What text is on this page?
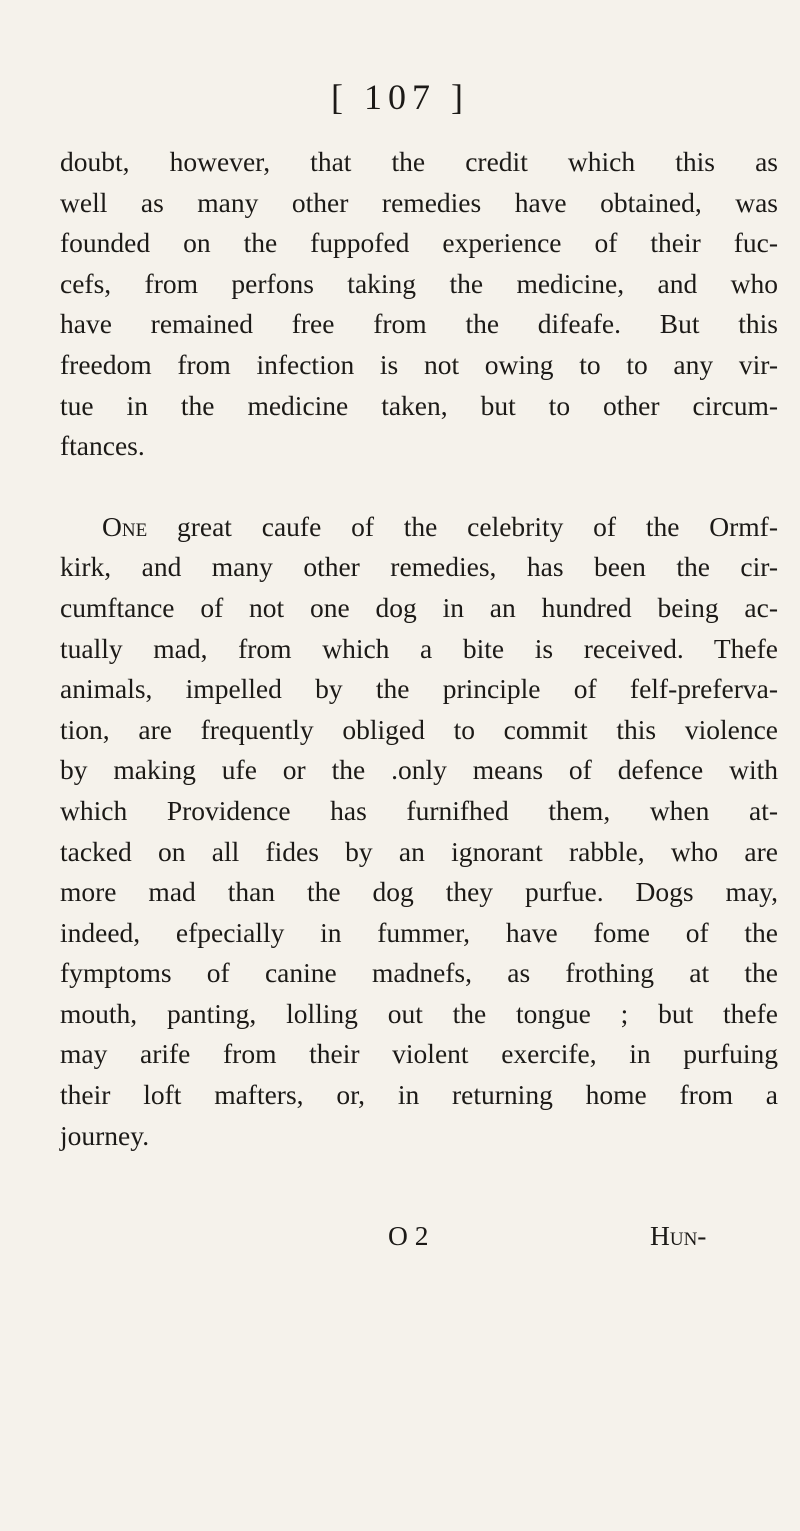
[ 107 ]

doubt, however, that the credit which this as
well as many other remedies have obtained, was
founded on the fuppofed experience of their fuc-
cefs, from perfons taking the medicine, and who
have remained free from the difeafe. But this
freedom from infection is not owing to to any vir-
tue in the medicine taken, but to other circum-
ftances.

One great caufe of the celebrity of the Ormf-
kirk, and many other remedies, has been the cir-
cumftance of not one dog in an hundred being ac-
tually mad, from which a bite is received. Thefe
animals, impelled by the principle of felf-preferva-
tion, are frequently obliged to commit this violence
by making ufe or the .only means of defence with
which Providence has furnifhed them, when at-
tacked on all fides by an ignorant rabble, who are
more mad than the dog they purfue. Dogs may,
indeed, efpecially in fummer, have fome of the
fymptoms of canine madnefs, as frothing at the
mouth, panting, lolling out the tongue ; but thefe
may arife from their violent exercife, in purfuing
their loft mafters, or, in returning home from a
journey.

O 2	Hun-
